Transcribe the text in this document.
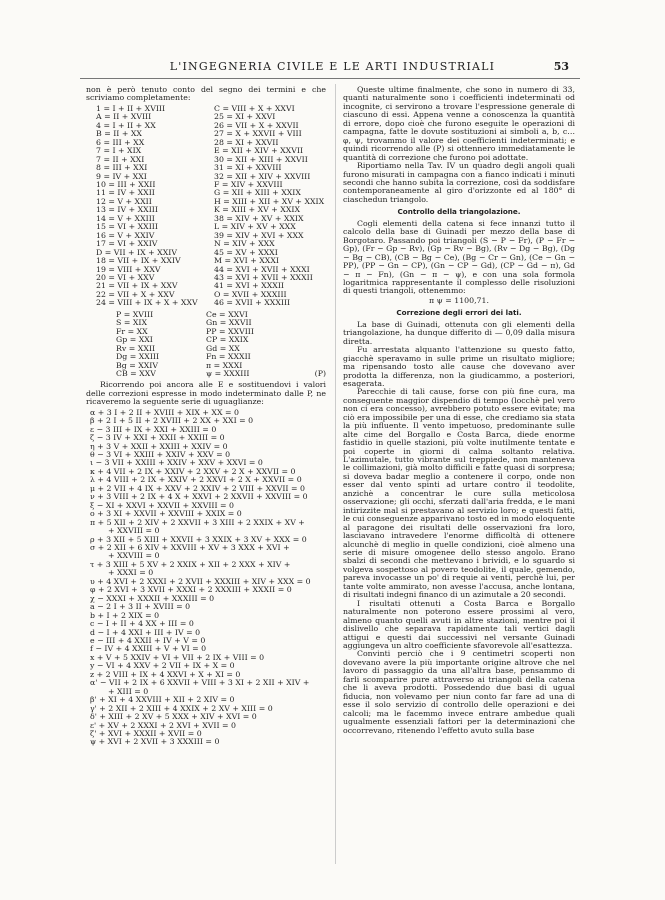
L'INGEGNERIA CIVILE E LE ARTI INDUSTRIALI	53

non è però tenuto conto del segno dei termini e che scriviamo completamente:

1 = I + II + XVIII	C = VIII + X + XXVI
A = II + XVIII	25 = XI + XXVI
4 = I + II + XX	26 = VII + X + XXVII
B = II + XX	27 = X + XXVII + VIII
6 = III + XX	28 = XI + XXVII
7 = I + XIX	E = XII + XIV + XXVII
7 = II + XXI	30 = XII + XIII + XXVII
8 = III + XXI	31 = XI + XXVIII
9 = IV + XXI	32 = XII + XIV + XXVIII
10 = III + XXII	F = XIV + XXVIII
11 = IV + XXII	G = XII + XIII + XXIX
12 = V + XXII	H = XIII + XII + XV + XXIX
13 = IV + XXIII	K = XIII + XV + XXIX
14 = V + XXIII	38 = XIV + XV + XXIX
15 = VI + XXIII	L = XIV + XV + XXX
16 = V + XXIV	39 = XIV + XVI + XXX
17 = VI + XXIV	N = XIV + XXX
D = VII + IX + XXIV	45 = XV + XXXI
18 = VII + IX + XXIV	M = XVI + XXXI
19 = VIII + XXV	44 = XVI + XVII + XXXI
20 = VI + XXV	43 = XVI + XVII + XXXII
21 = VII + IX + XXV	41 = XVI + XXXII
22 = VII + X + XXV	O = XVII + XXXIII
24 = VIII + IX + X + XXV	46 = XVII + XXXIII
P = XVIII	Ce = XXVI
S = XIX	Gn = XXVII
Fr = XX	PP = XXVIII
Gp = XXI	CP = XXIX
Rv = XXII	Gd = XX
Dg = XXIII	Fn = XXXII
Bg = XXIV	π = XXXI
CB = XXV	ψ = XXXIII	(P)

Ricorrendo poi ancora alle E e sostituendovi i valori delle correzioni espresse in modo indeterminato dalle P, ne ricaveremo la seguente serie di uguaglianze:

α + 3 I + 2 II + XVIII + XIX + XX = 0
β + 2 I + 5 II + 2 XVIII + 2 XX + XXI = 0
ε − 3 III + IX + XXI + XXIII = 0
ζ − 3 IV + XXI + XXII + XXIII = 0
η + 3 V + XXII + XXIII + XXIV = 0
θ − 3 VI + XXIII + XXIV + XXV = 0
ι − 3 VII + XXIII + XXIV + XXV + XXVI = 0
κ + 4 VII + 2 IX + XXIV + 2 XXV + 2 X + XXVII = 0
λ + 4 VIII + 2 IX + XXIV + 2 XXVI + 2 X + XXVII = 0
μ + 2 VII + 4 IX + XXV + 2 XXIV + 2 VIII + XXVII = 0
ν + 3 VIII + 2 IX + 4 X + XXVI + 2 XXVII + XXVIII = 0
ξ − XI + XXVI + XXVII + XXVIII = 0
ο + 3 XI + XXVII + XXVIII + XXIX = 0
π + 5 XII + 2 XIV + 2 XXVII + 3 XIII + 2 XXIX + XV +
+ XXVIII = 0
ρ + 3 XII + 5 XIII + XXVII + 3 XXIX + 3 XV + XXX = 0
σ + 2 XII + 6 XIV + XXVIII + XV + 3 XXX + XVI +
+ XXVIII = 0
τ + 3 XIII + 5 XV + 2 XXIX + XII + 2 XXX + XIV +
+ XXXI = 0
υ + 4 XVI + 2 XXXI + 2 XVII + XXXIII + XIV + XXX = 0
φ + 2 XVI + 3 XVII + XXXI + 2 XXXIII + XXXII = 0
χ − XXXI + XXXII + XXXIII = 0
a − 2 I + 3 II + XVIII = 0
b + I + 2 XIX = 0
c − I + II + 4 XX + III = 0
d − I + 4 XXI + III + IV = 0
e − III + 4 XXII + IV + V = 0
f − IV + 4 XXIII + V + VI = 0
x + V + 5 XXIV + VI + VII + 2 IX + VIII = 0
y − VI + 4 XXV + 2 VII + IX + X = 0
z + 2 VIII + IX + 4 XXVI + X + XI = 0
α' − VII + 2 IX + 6 XXVII + VIII + 3 XI + 2 XII + XIV +
+ XIII = 0
β' + XI + 4 XXVIII + XII + 2 XIV = 0
γ' + 2 XII + 2 XIII + 4 XXIX + 2 XV + XIII = 0
δ' + XIII + 2 XV + 5 XXX + XIV + XVI = 0
ε' + XV + 2 XXXI + 2 XVI + XVII = 0
ζ' + XVI + XXXII + XVII = 0
ψ + XVI + 2 XVII + 3 XXXIII = 0

Queste ultime finalmente, che sono in numero di 33, quanti naturalmente sono i coefficienti indeterminati od incognite, ci servirono a trovare l'espressione generale di ciascuno di essi. Appena venne a conoscenza la quantità di errore, dopo cioè che furono eseguite le operazioni di campagna, fatte le dovute sostituzioni ai simboli a, b, c… φ, ψ, trovammo il valore dei coefficienti indeterminati; e quindi ricorrendo alle (P) si ottennero immediatamente le quantità di correzione che furono poi adottate.

Riportiamo nella Tav. IV un quadro degli angoli quali furono misurati in campagna con a fianco indicati i minuti secondi che hanno subita la correzione, così da soddisfare contemporaneamente al giro d'orizzonte ed al 180° di ciaschedun triangolo.

Controllo della triangolazione.

Cogli elementi della catena si fece innanzi tutto il calcolo della base di Guinadi per mezzo della base di Borgotaro. Passando poi triangoli (S − P − Fr), (P − Fr − Gp), (Fr − Gp − Rv), (Gp − Rv − Bg), (Rv − Dg − Bg), (Dg − Bg − CB), (CB − Bg − Ce), (Bg − Cr − Gn), (Ce − Gn − PP), (PP − Gn − CP), (Gn − CP − Gd), (CP − Gd − π), Gd − π − Fn), (Gn − π − ψ), e con una sola formola logaritmica rappresentante il complesso delle risoluzioni di questi triangoli, ottenemmo:

π ψ = 1100,71.
Correzione degli errori dei lati.

La base di Guinadi, ottenuta con gli elementi della triangolazione, ha dunque differito di — 0,09 dalla misura diretta.

Fu arrestata alquanto l'attenzione su questo fatto, giacchè speravamo in sulle prime un risultato migliore; ma ripensando tosto alle cause che dovevano aver prodotta la differenza, non la giudicammo, a posteriori, esagerata.

Parecchie di tali cause, forse con più fine cura, ma conseguente maggior dispendio di tempo (locchè pel vero non ci era concesso), avrebbero potuto essere evitate; ma ciò era impossibile per una di esse, che crediamo sia stata la più influente. Il vento impetuoso, predominante sulle alte cime del Borgallo e Costa Barca, diede enorme fastidio in quelle stazioni, più volte inutilmente tentate e poi coperte in giorni di calma soltanto relativa. L'azimutale, tutto vibrante sul treppiede, non manteneva le collimazioni, già molto difficili e fatte quasi di sorpresa; si doveva badar meglio a contenere il corpo, onde non esser dal vento spinti ad urtare contro il teodolite, anzichè a concentrar le cure sulla meticolosa osservazione; gli occhi, sferzati dall'aria fredda, e le mani intirizzite mal si prestavano al servizio loro; e questi fatti, le cui conseguenze apparivano tosto ed in modo eloquente al paragone dei risultati delle osservazioni fra loro, lasciavano intravedere l'enorme difficoltà di ottenere alcunchè di meglio in quelle condizioni, cioè almeno una serie di misure omogenee dello stesso angolo. Erano sbalzi di secondi che mettevano i brividi, e lo sguardo si volgeva sospettoso al povero teodolite, il quale, gemendo, pareva invocasse un po' di requie ai venti, perchè lui, per tante volte ammirato, non avesse l'accusa, anche lontana, di risultati indegni financo di un azimutale a 20 secondi.

I risultati ottenuti a Costa Barca e Borgallo naturalmente non poterono essere prossimi al vero, almeno quanto quelli avuti in altre stazioni, mentre poi il dislivello che separava rapidamente tali vertici dagli attigui e questi dai successivi nel versante Guinadi aggiungeva un altro coefficiente sfavorevole all'esattezza.

Convinti perciò che i 9 centimetri scoperti non dovevano avere la più importante origine altrove che nel lavoro di passaggio da una all'altra base, pensammo di farli scomparire pure attraverso ai triangoli della catena che li aveva prodotti. Possedendo due basi di ugual fiducia, non volevamo per niun conto far fare ad una di esse il solo servizio di controllo delle operazioni e dei calcoli; ma le facemmo invece entrare ambedue quali ugualmente essenziali fattori per la determinazioni che occorrevano, ritenendo l'effetto avuto sulla base
